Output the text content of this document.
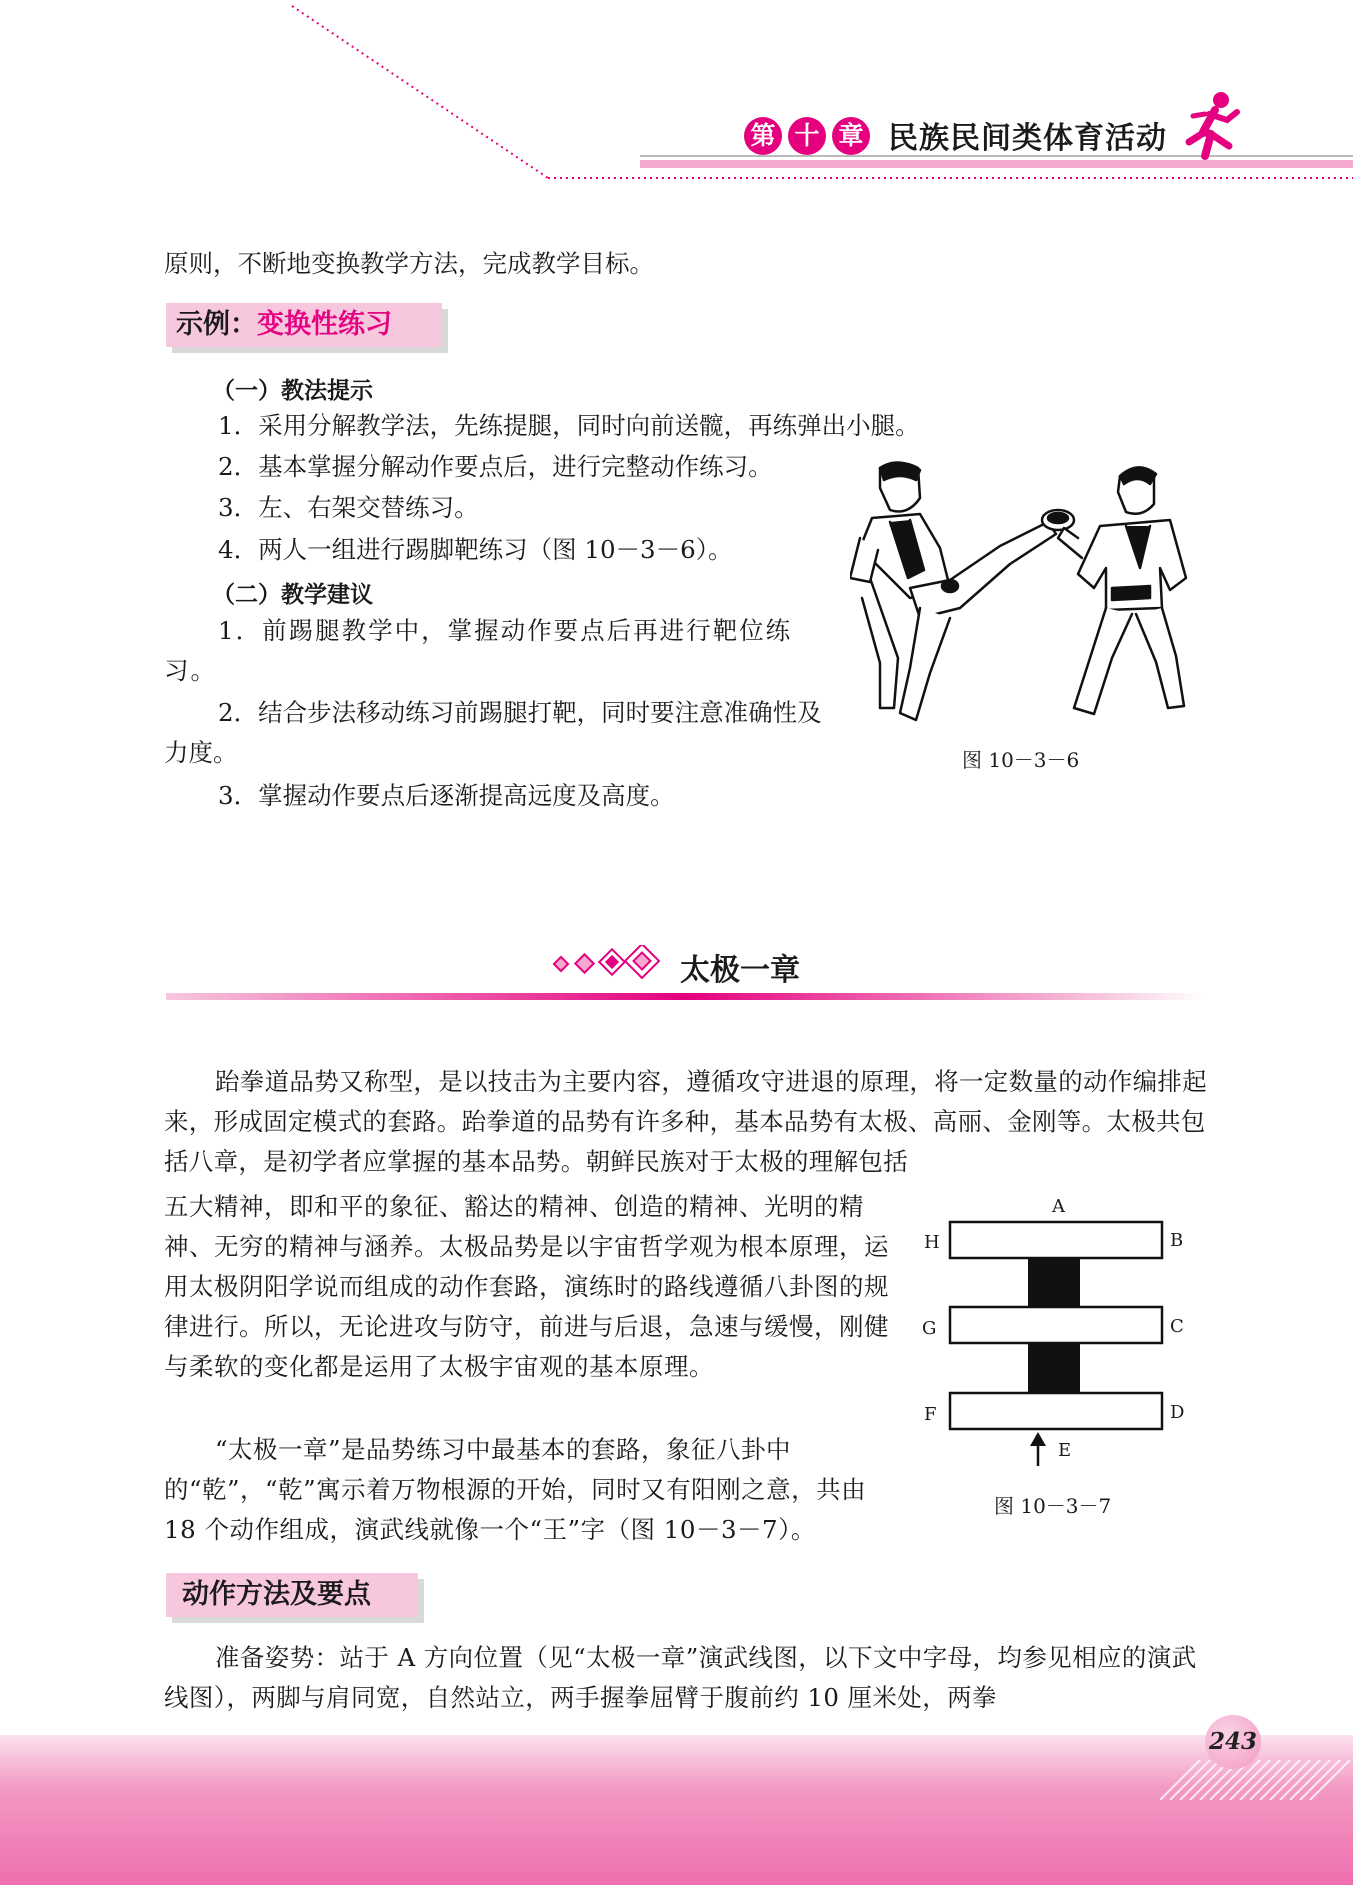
第 十 章 民族民间类体育活动
原则，不断地变换教学方法，完成教学目标。
示例：变换性练习
（一）教法提示
1．采用分解教学法，先练提腿，同时向前送髋，再练弹出小腿。
2．基本掌握分解动作要点后，进行完整动作练习。
3．左、右架交替练习。
4．两人一组进行踢脚靶练习（图 10－3－6）。
（二）教学建议
1．前踢腿教学中，掌握动作要点后再进行靶位练习。
2．结合步法移动练习前踢腿打靶，同时要注意准确性及力度。
3．掌握动作要点后逐渐提高远度及高度。
图 10－3－6
太极一章
跆拳道品势又称型，是以技击为主要内容，遵循攻守进退的原理，将一定数量的动作编排起来，形成固定模式的套路。跆拳道的品势有许多种，基本品势有太极、高丽、金刚等。太极共包括八章，是初学者应掌握的基本品势。朝鲜民族对于太极的理解包括
五大精神，即和平的象征、豁达的精神、创造的精神、光明的精神、无穷的精神与涵养。太极品势是以宇宙哲学观为根本原理，运用太极阴阳学说而组成的动作套路，演练时的路线遵循八卦图的规律进行。所以，无论进攻与防守，前进与后退，急速与缓慢，刚健与柔软的变化都是运用了太极宇宙观的基本原理。
“太极一章”是品势练习中最基本的套路，象征八卦中的“乾”，“乾”寓示着万物根源的开始，同时又有阳刚之意，共由 18 个动作组成，演武线就像一个“王”字（图 10－3－7）。
A
B
C
D
E
F
G
H
图 10－3－7
动作方法及要点
准备姿势：站于 A 方向位置（见“太极一章”演武线图，以下文中字母，均参见相应的演武线图），两脚与肩同宽，自然站立，两手握拳屈臂于腹前约 10 厘米处，两拳
243
